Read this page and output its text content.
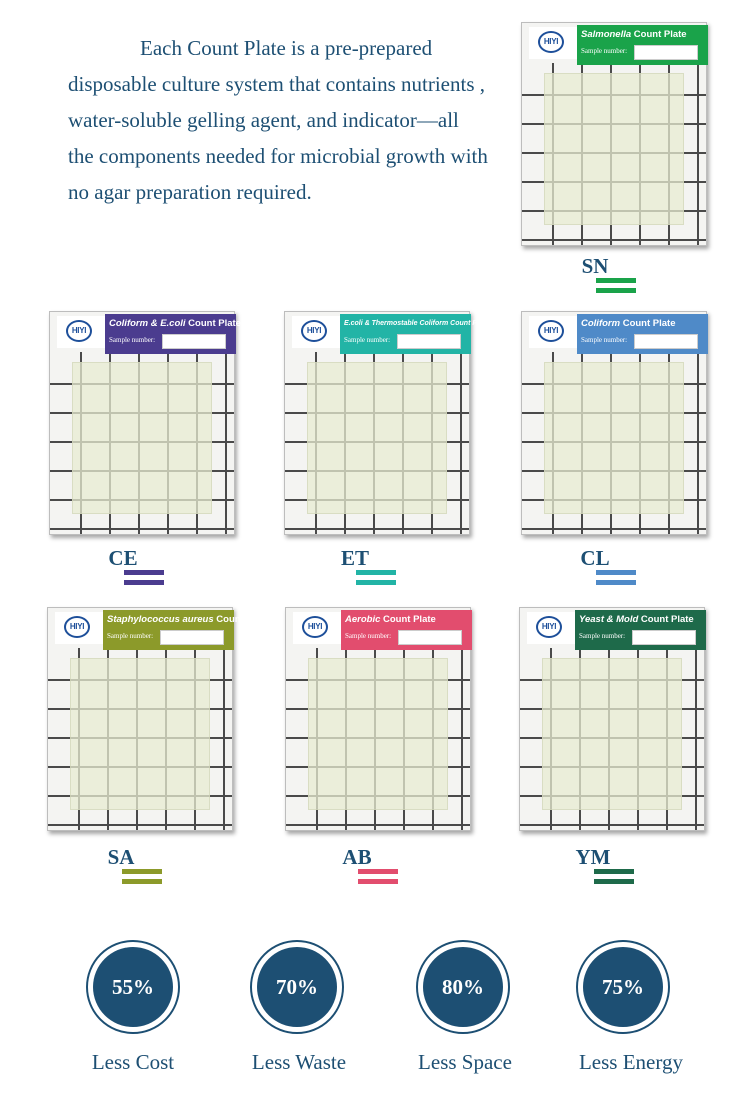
Each Count Plate is a pre-prepared disposable culture system that contains nutrients , water-soluble gelling agent, and indicator—all the components needed for microbial growth with no agar preparation required.

HIYI
Salmonella Count Plate
Sample number:
SN
HIYI
Coliform & E.coli Count Plate
Sample number:
CE
HIYI
E.coli & Thermostable Coliform Count Plate
Sample number:
ET
HIYI
Coliform Count Plate
Sample number:
CL
HIYI
Staphylococcus aureus Count Plate
Sample number:
SA
HIYI
Aerobic Count Plate
Sample number:
AB
HIYI
Yeast & Mold Count Plate
Sample number:
YM
55%
Less Cost
70%
Less Waste
80%
Less Space
75%
Less Energy
